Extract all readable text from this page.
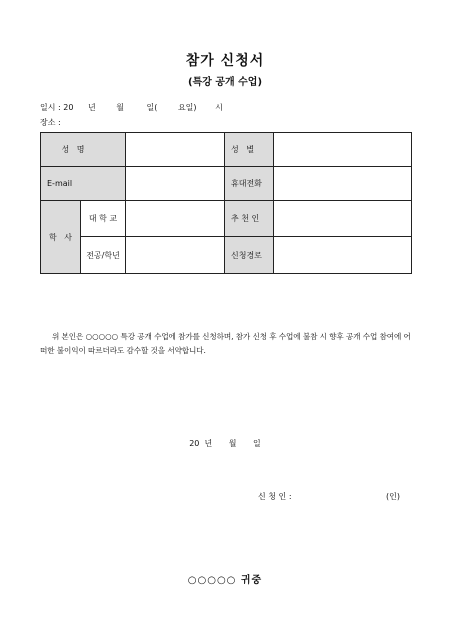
참가 신청서
(특강 공개 수업)
일시 : 20 년	월	일(	요일) 시
장소 :
성   명			성   별	
E-mail			휴대전화	
학   사	대 학 교		추 천 인	
	전공/학년		신청경로	
위 본인은 ○○○○○ 특강 공개 수업에 참가를 신청하며, 참가 신청 후 수업에 불참 시 향후 공개 수업 참여에 어떠한 불이익이 따르더라도 감수할 것을 서약합니다.
20  년 월 일
신 청 인 :	(인)
○○○○○ 귀중
